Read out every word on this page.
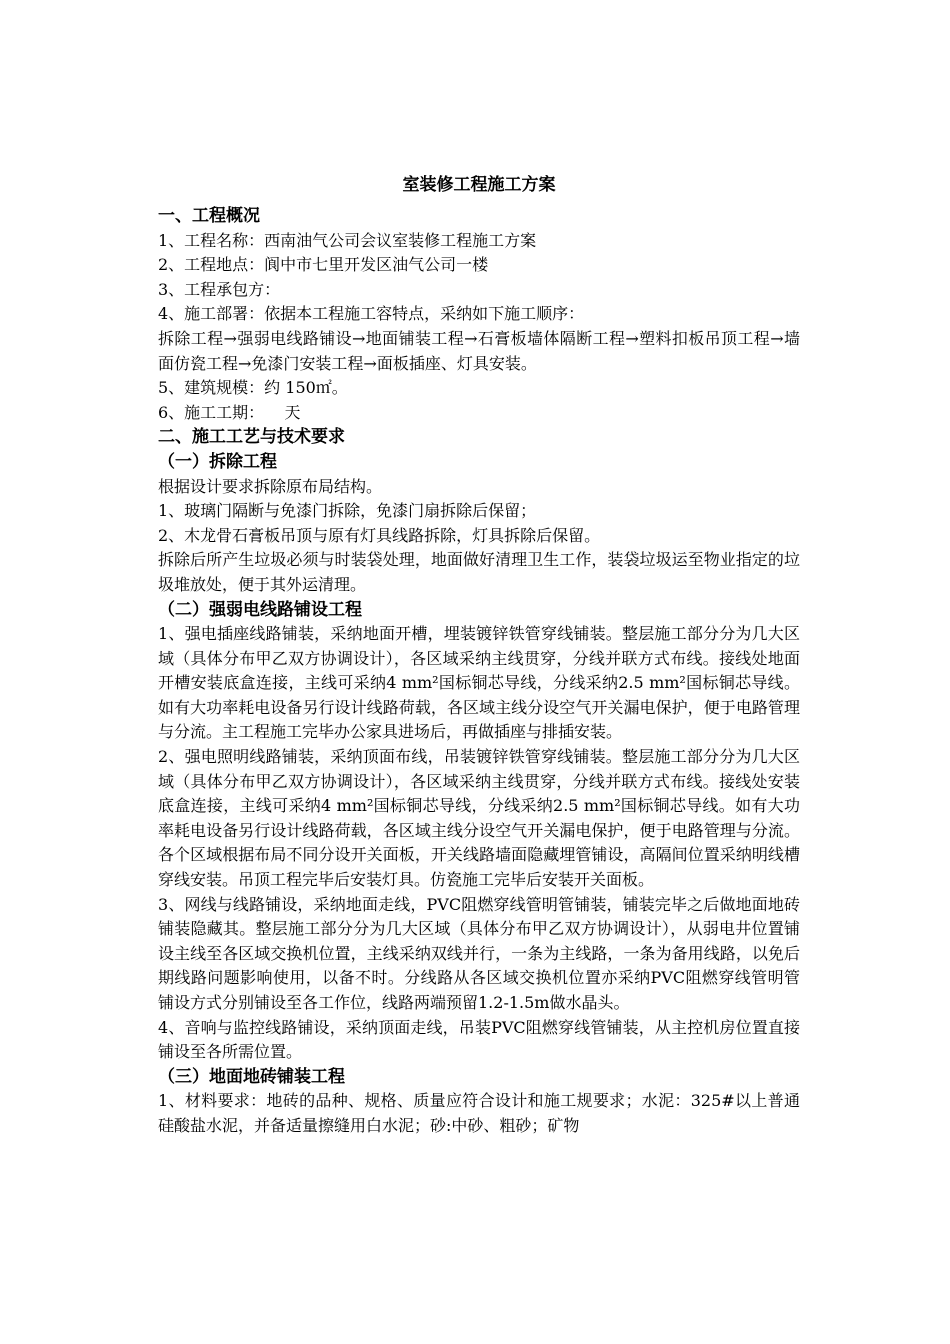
室装修工程施工方案
一、工程概况
1、工程名称：西南油气公司会议室装修工程施工方案
2、工程地点：阆中市七里开发区油气公司一楼
3、工程承包方：
4、施工部署：依据本工程施工容特点，采纳如下施工顺序：
拆除工程→强弱电线路铺设→地面铺装工程→石膏板墙体隔断工程→塑料扣板吊顶工程→墙面仿瓷工程→免漆门安装工程→面板插座、灯具安装。
5、建筑规模：约 150㎡。
6、施工工期：    天
二、施工工艺与技术要求
（一）拆除工程
根据设计要求拆除原布局结构。
1、玻璃门隔断与免漆门拆除，免漆门扇拆除后保留；
2、木龙骨石膏板吊顶与原有灯具线路拆除，灯具拆除后保留。
拆除后所产生垃圾必须与时装袋处理，地面做好清理卫生工作，装袋垃圾运至物业指定的垃圾堆放处，便于其外运清理。
（二）强弱电线路铺设工程
1、强电插座线路铺装，采纳地面开槽，埋装镀锌铁管穿线铺装。整层施工部分分为几大区域（具体分布甲乙双方协调设计），各区域采纳主线贯穿，分线并联方式布线。接线处地面开槽安装底盒连接，主线可采纳4 mm²国标铜芯导线，分线采纳2.5 mm²国标铜芯导线。如有大功率耗电设备另行设计线路荷载，各区域主线分设空气开关漏电保护，便于电路管理与分流。主工程施工完毕办公家具进场后，再做插座与排插安装。
2、强电照明线路铺装，采纳顶面布线，吊装镀锌铁管穿线铺装。整层施工部分分为几大区域（具体分布甲乙双方协调设计），各区域采纳主线贯穿，分线并联方式布线。接线处安装底盒连接，主线可采纳4 mm²国标铜芯导线，分线采纳2.5 mm²国标铜芯导线。如有大功率耗电设备另行设计线路荷载，各区域主线分设空气开关漏电保护，便于电路管理与分流。各个区域根据布局不同分设开关面板，开关线路墙面隐藏埋管铺设，高隔间位置采纳明线槽穿线安装。吊顶工程完毕后安装灯具。仿瓷施工完毕后安装开关面板。
3、网线与线路铺设，采纳地面走线，PVC阻燃穿线管明管铺装，铺装完毕之后做地面地砖铺装隐藏其。整层施工部分分为几大区域（具体分布甲乙双方协调设计），从弱电井位置铺设主线至各区域交换机位置，主线采纳双线并行，一条为主线路，一条为备用线路，以免后期线路问题影响使用，以备不时。分线路从各区域交换机位置亦采纳PVC阻燃穿线管明管铺设方式分别铺设至各工作位，线路两端预留1.2-1.5m做水晶头。
4、音响与监控线路铺设，采纳顶面走线，吊装PVC阻燃穿线管铺装，从主控机房位置直接铺设至各所需位置。
（三）地面地砖铺装工程
1、材料要求：地砖的品种、规格、质量应符合设计和施工规要求；水泥：325#以上普通硅酸盐水泥，并备适量擦缝用白水泥；砂:中砂、粗砂；矿物
